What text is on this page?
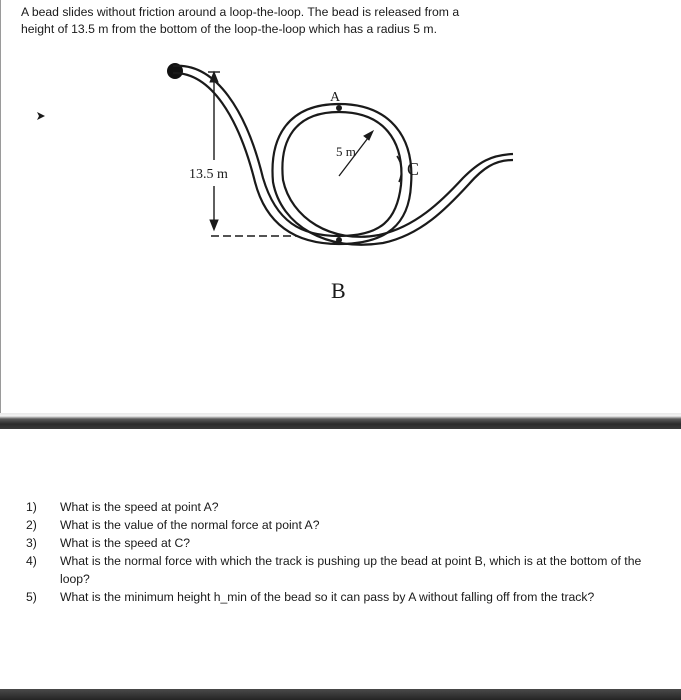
A bead slides without friction around a loop-the-loop. The bead is released from a
height of 13.5 m from the bottom of the loop-the-loop which has a radius 5 m.

13.5 m
5 m
A
B
C
1) What is the speed at point A?
2) What is the value of the normal force at point A?
3) What is the speed at C?
4) What is the normal force with which the track is pushing up the bead at point B, which is at the bottom of the loop?
5) What is the minimum height h_min of the bead so it can pass by A without falling off from the track?
